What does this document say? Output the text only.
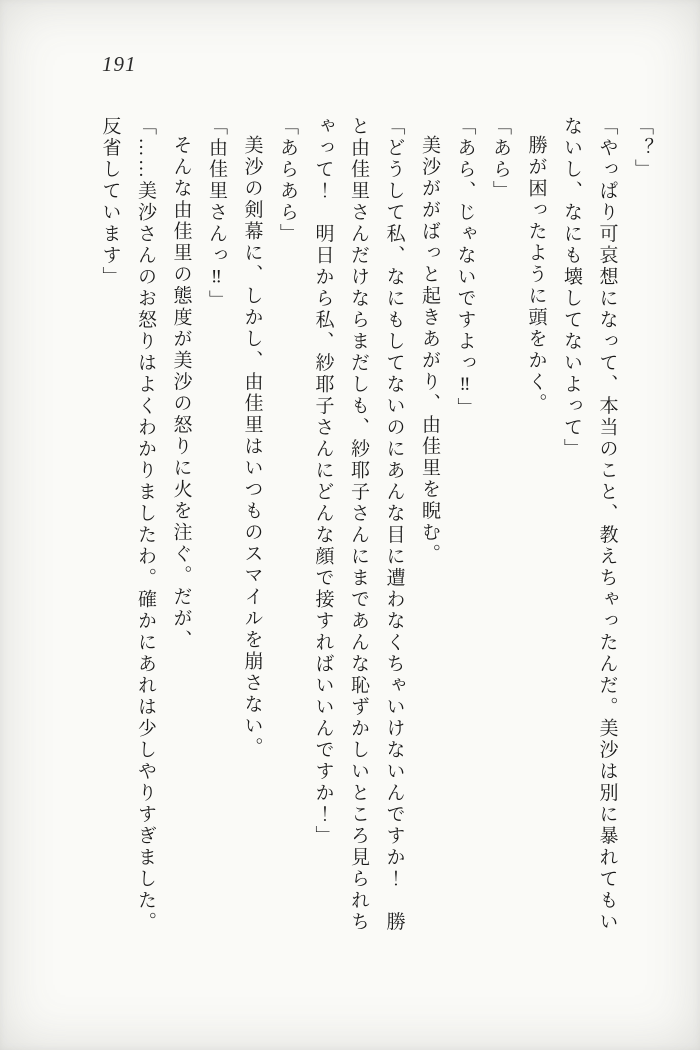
191

「？」

「やっぱり可哀想になって、本当のこと、教えちゃったんだ。美沙は別に暴れてもい

ないし、なにも壊してないよって」

勝が困ったように頭をかく。

「あら」

「あら、じゃないですよっ‼」

美沙ががばっと起きあがり、由佳里を睨む。

「どうして私、なにもしてないのにあんな目に遭わなくちゃいけないんですか！　勝

と由佳里さんだけならまだしも、紗耶子さんにまであんな恥ずかしいところ見られち

ゃって！　明日から私、紗耶子さんにどんな顔で接すればいいんですか！」

「あらあら」

美沙の剣幕に、しかし、由佳里はいつものスマイルを崩さない。

「由佳里さんっ‼」

そんな由佳里の態度が美沙の怒りに火を注ぐ。だが、

「……美沙さんのお怒りはよくわかりましたわ。確かにあれは少しやりすぎました。

反省しています」
